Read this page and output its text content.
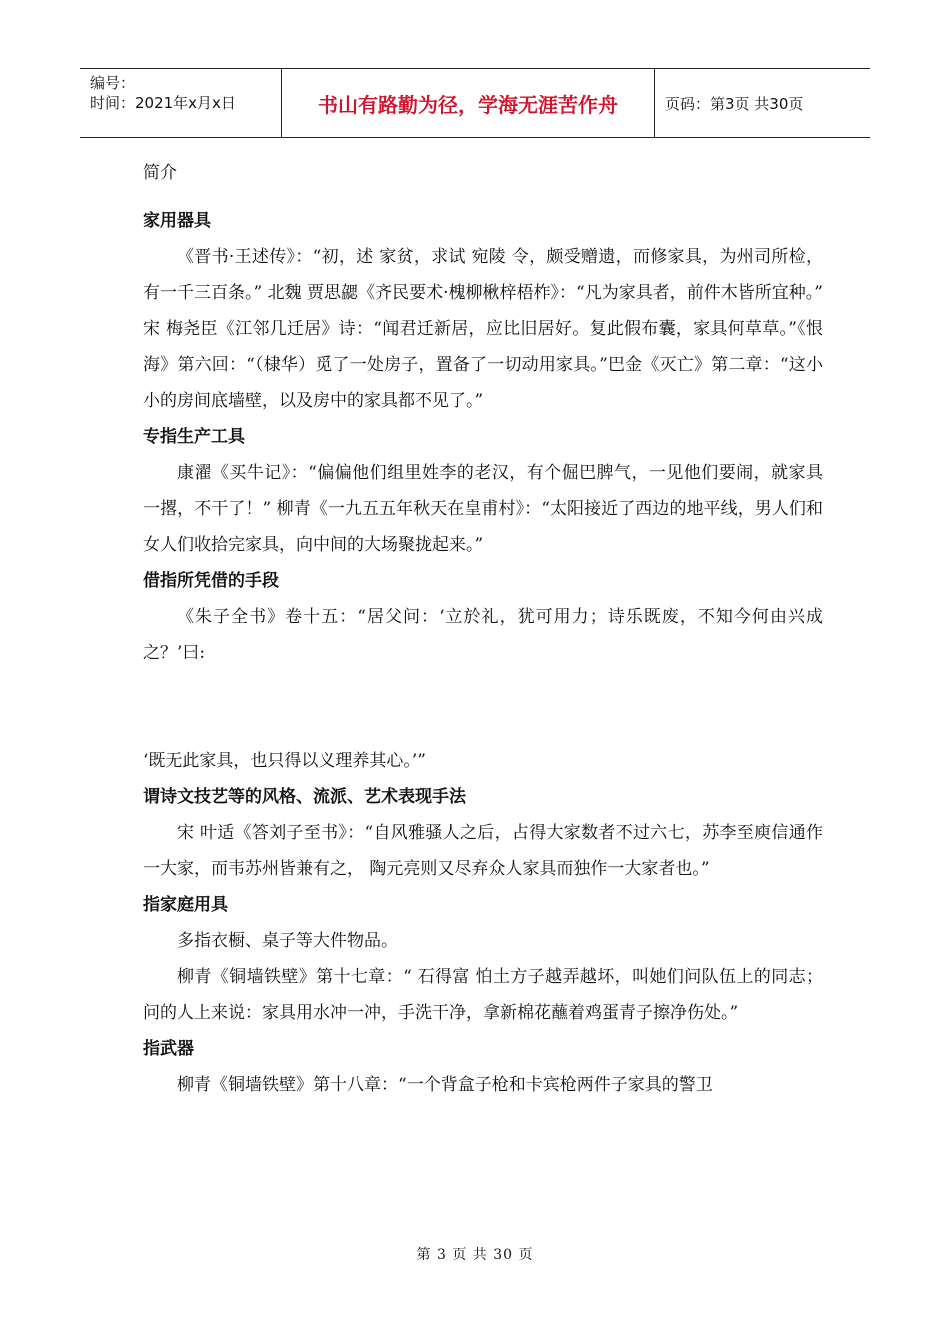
编号：
时间：2021年x月x日	书山有路勤为径，学海无涯苦作舟	页码：第3页 共30页
简介
家用器具

《晋书·王述传》：“初，述 家贫，求试 宛陵 令，颇受赠遗，而修家具，为州司所检，有一千三百条。” 北魏 贾思勰《齐民要术·槐柳楸梓梧柞》：“凡为家具者，前件木皆所宜种。” 宋 梅尧臣《江邻几迁居》诗：“闻君迁新居，应比旧居好。复此假布囊，家具何草草。”《恨海》第六回：“（棣华）觅了一处房子，置备了一切动用家具。”巴金《灭亡》第二章：“这小小的房间底墙壁，以及房中的家具都不见了。”

专指生产工具

康濯《买牛记》：“偏偏他们组里姓李的老汉，有个倔巴脾气，一见他们要闹，就家具一撂，不干了！” 柳青《一九五五年秋天在皇甫村》：“太阳接近了西边的地平线，男人们和女人们收拾完家具，向中间的大场聚拢起来。”

借指所凭借的手段

《朱子全书》卷十五：“居父问：‘立於礼，犹可用力；诗乐既废，不知今何由兴成之？’曰:

‘既无此家具，也只得以义理养其心。’”

谓诗文技艺等的风格、流派、艺术表现手法

宋 叶适《答刘子至书》：“自风雅骚人之后，占得大家数者不过六七，苏李至庾信通作一大家，而韦苏州皆兼有之， 陶元亮则又尽弃众人家具而独作一大家者也。”

指家庭用具

多指衣橱、桌子等大件物品。

柳青《铜墙铁壁》第十七章：“ 石得富 怕土方子越弄越坏，叫她们问队伍上的同志；问的人上来说：家具用水冲一冲，手洗干净，拿新棉花蘸着鸡蛋青子擦净伤处。”

指武器

柳青《铜墙铁壁》第十八章：“一个背盒子枪和卡宾枪两件子家具的警卫

第 3 页 共 30 页
